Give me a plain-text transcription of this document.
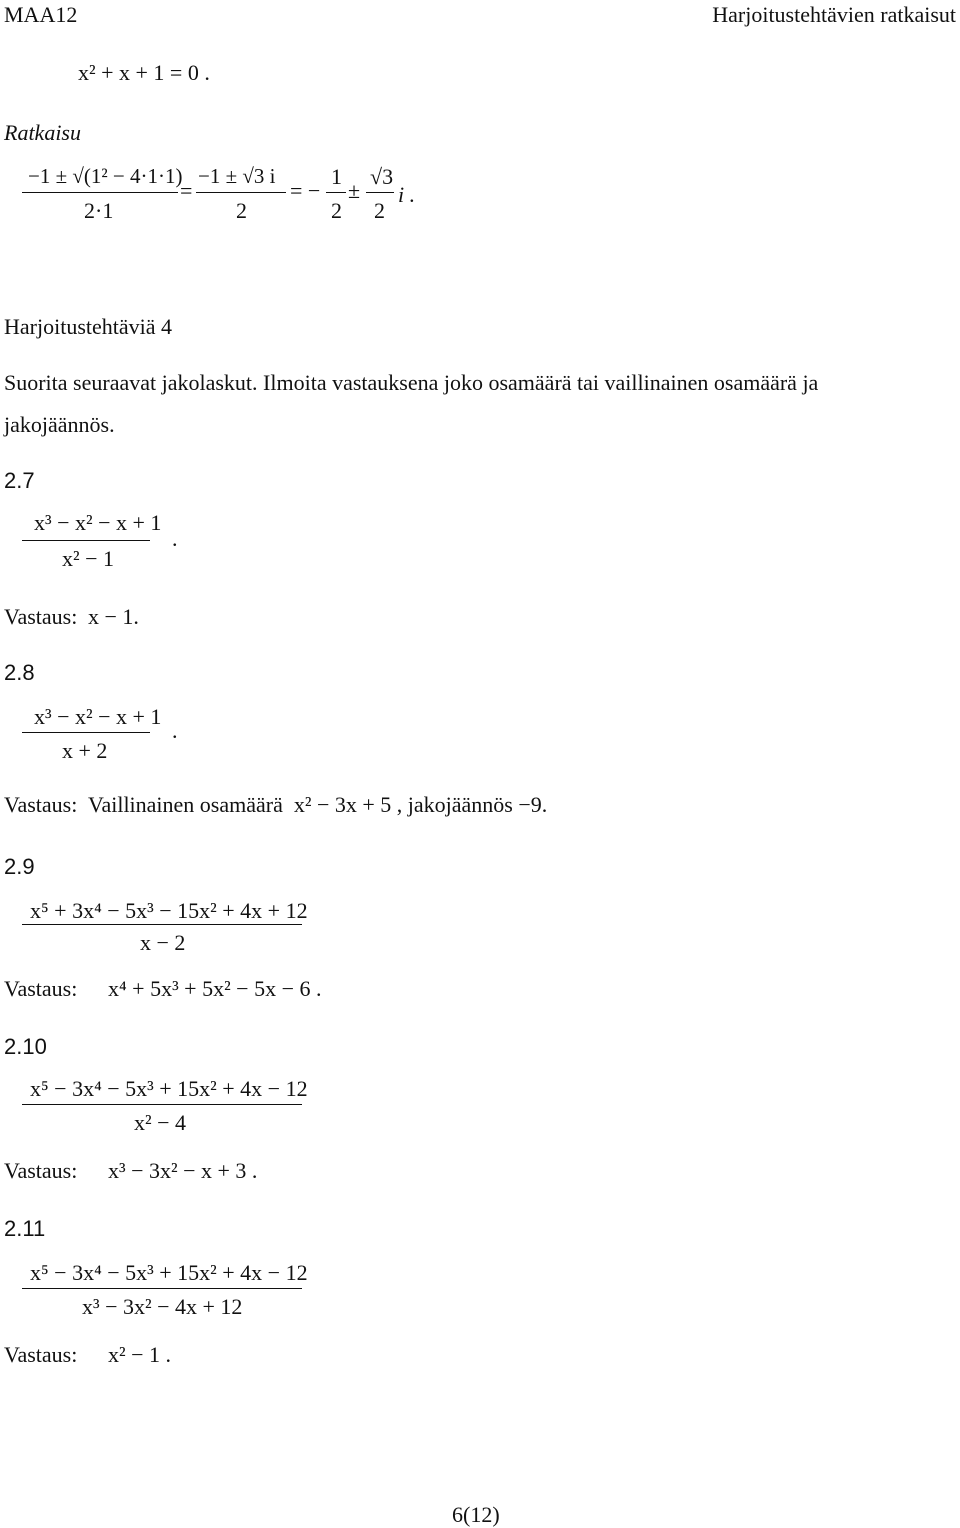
MAA12	Harjoitustehtävien ratkaisut
x² + x + 1 = 0 .
Ratkaisu
−1 ± √(1² − 4·1·1)
2·1
=
−1 ± √3 i
2
= −
1
2
±
√3
2
i .
Harjoitustehtäviä 4
Suorita seuraavat jakolaskut. Ilmoita vastauksena joko osamäärä tai vaillinainen osamäärä ja
jakojäännös.
2.7
x³ − x² − x + 1
x² − 1
.
Vastaus: x − 1.
2.8
x³ − x² − x + 1
x + 2
.
Vastaus: Vaillinainen osamäärä  x² − 3x + 5 , jakojäännös −9.
2.9
x⁵ + 3x⁴ − 5x³ − 15x² + 4x + 12
x − 2
Vastaus: x⁴ + 5x³ + 5x² − 5x − 6 .
2.10
x⁵ − 3x⁴ − 5x³ + 15x² + 4x − 12
x² − 4
Vastaus: x³ − 3x² − x + 3 .
2.11
x⁵ − 3x⁴ − 5x³ + 15x² + 4x − 12
x³ − 3x² − 4x + 12
Vastaus: x² − 1 .
6(12)
